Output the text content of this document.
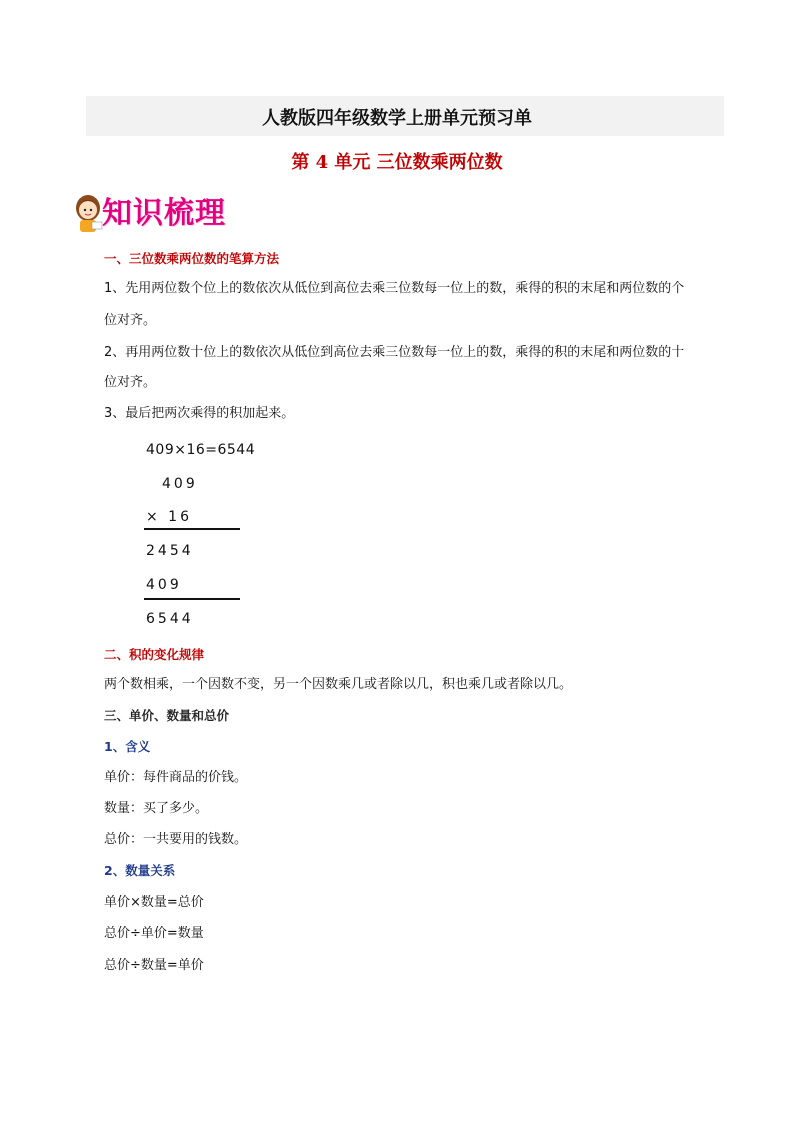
人教版四年级数学上册单元预习单
第 4 单元 三位数乘两位数
知识梳理
一、三位数乘两位数的笔算方法
1、先用两位数个位上的数依次从低位到高位去乘三位数每一位上的数，乘得的积的末尾和两位数的个
位对齐。
2、再用两位数十位上的数依次从低位到高位去乘三位数每一位上的数，乘得的积的末尾和两位数的十
位对齐。
3、最后把两次乘得的积加起来。
409×16=6544
409
× 16
2454
409
6544
二、积的变化规律
两个数相乘，一个因数不变，另一个因数乘几或者除以几，积也乘几或者除以几。
三、单价、数量和总价
1、含义
单价：每件商品的价钱。
数量：买了多少。
总价：一共要用的钱数。
2、数量关系
单价×数量=总价
总价÷单价=数量
总价÷数量=单价
